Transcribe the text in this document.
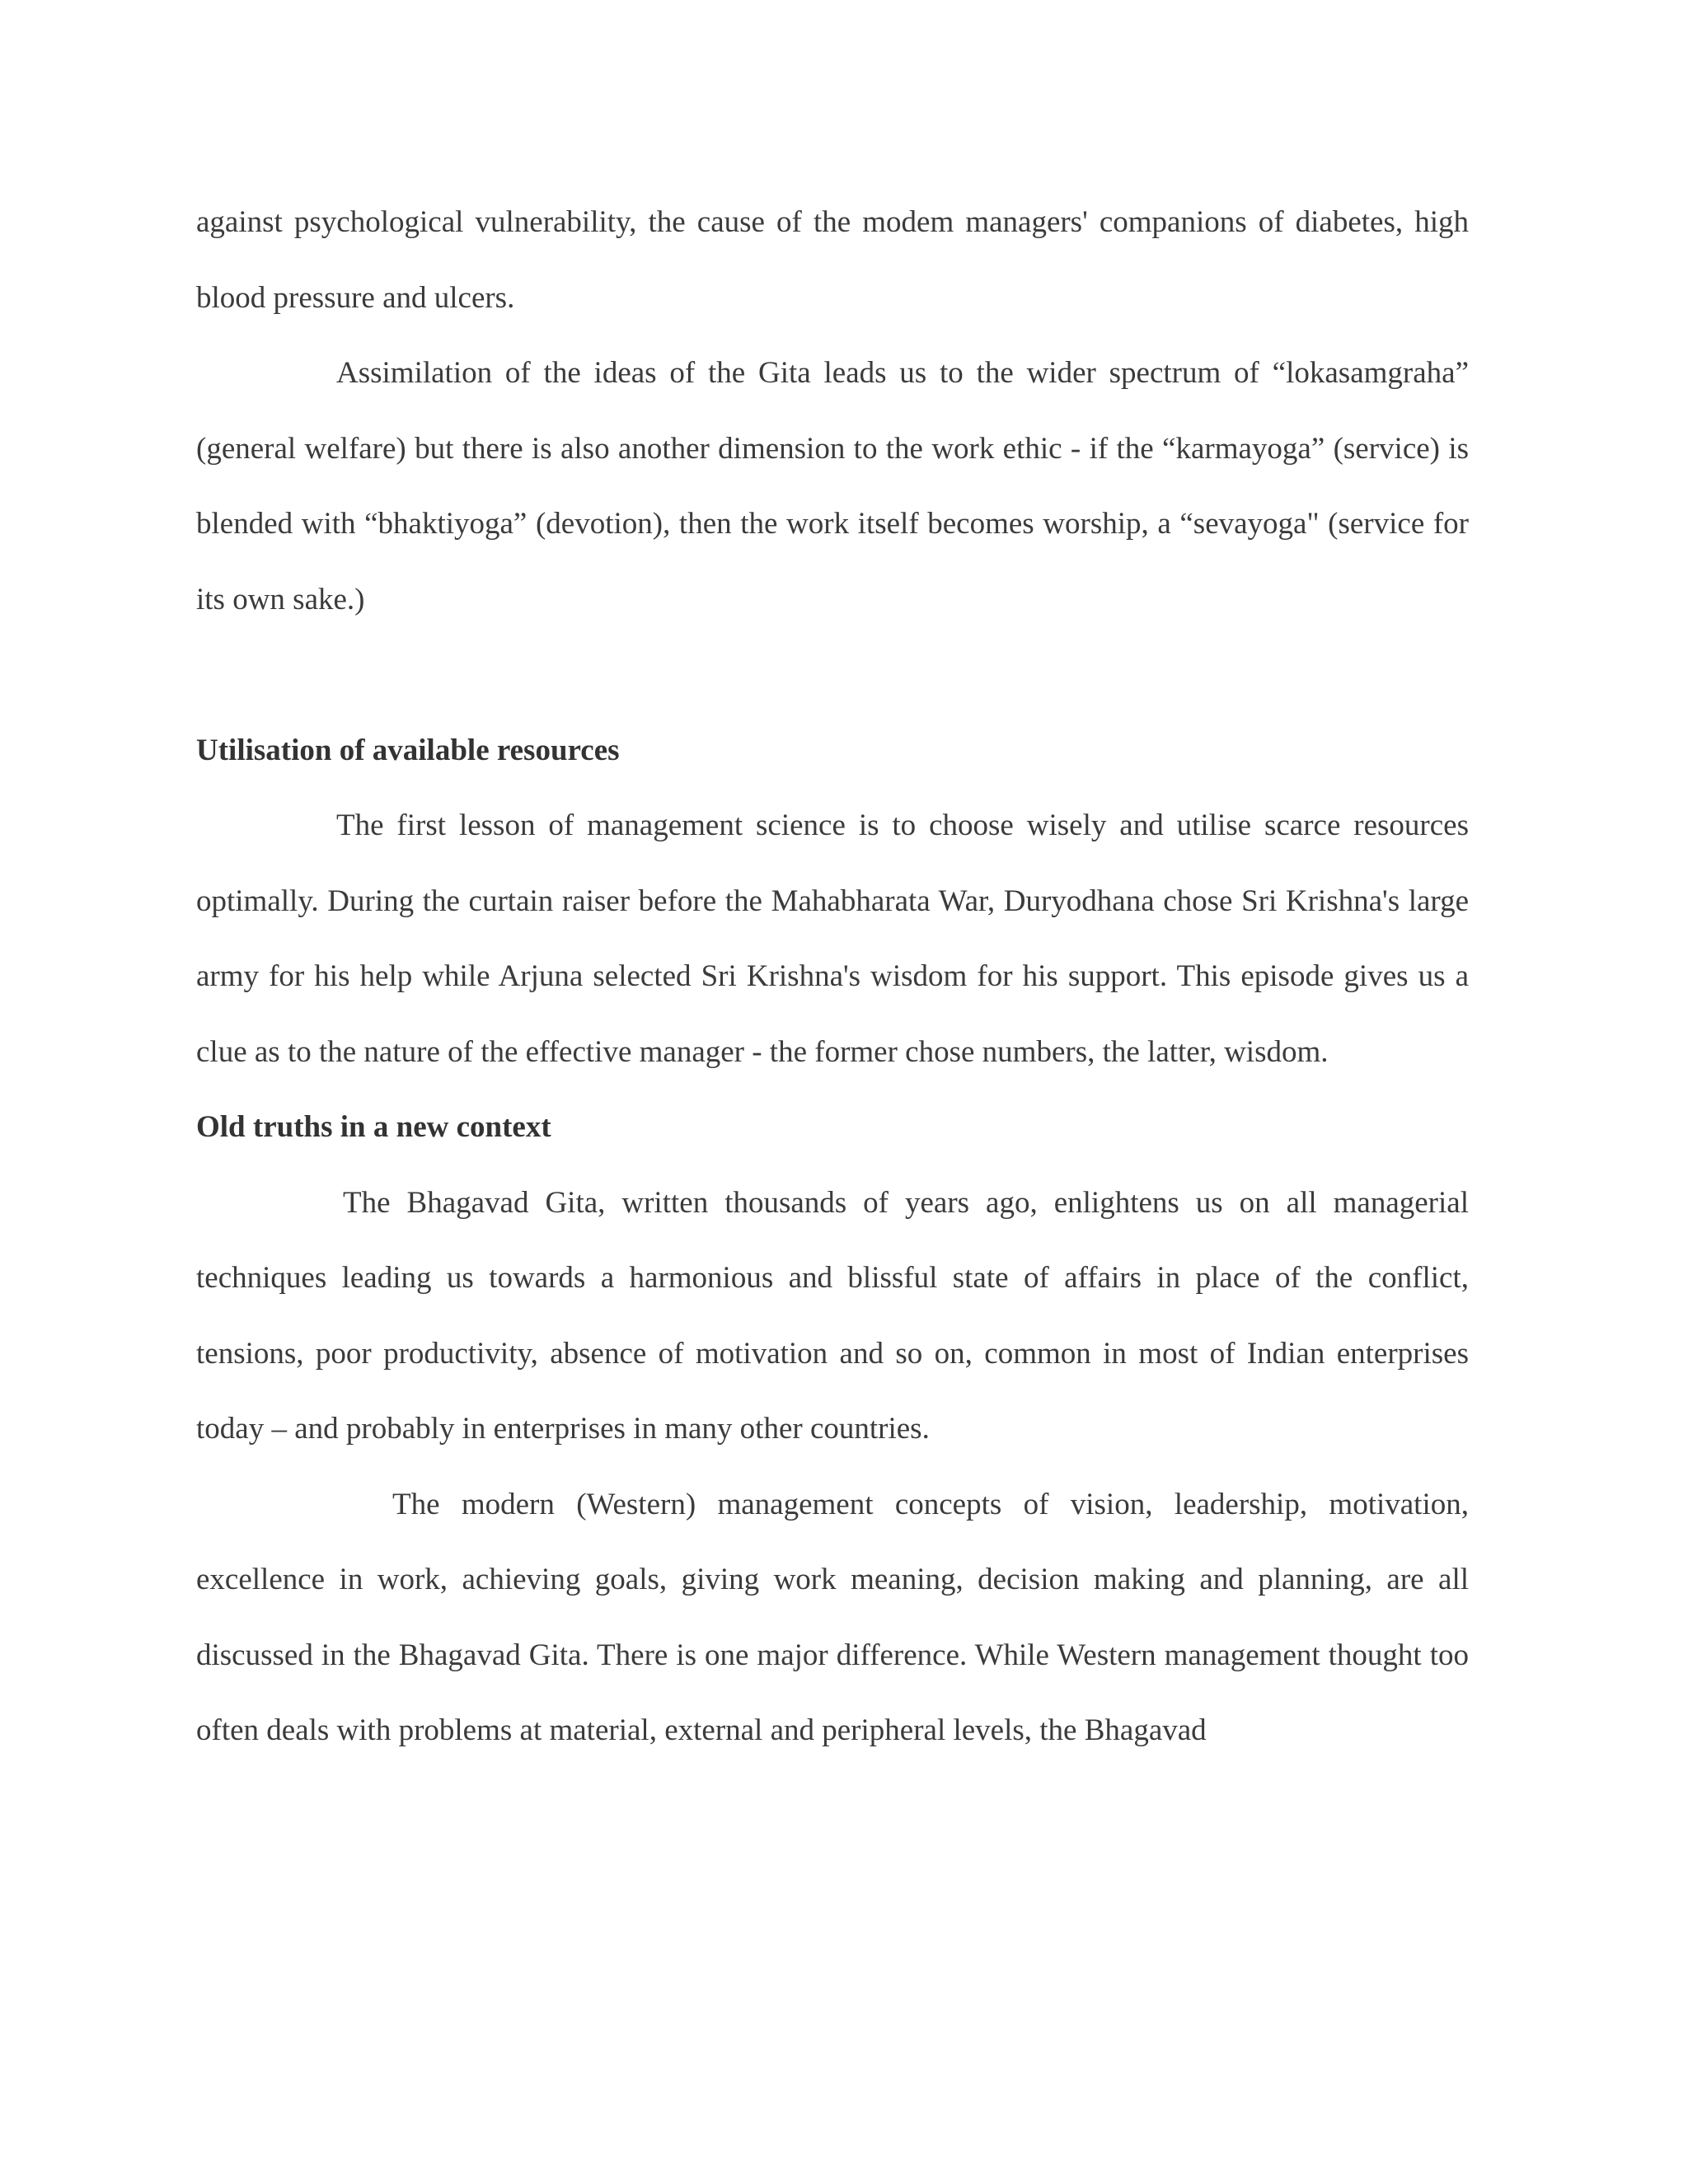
against psychological vulnerability, the cause of the modem managers' companions of diabetes, high blood pressure and ulcers.

Assimilation of the ideas of the Gita leads us to the wider spectrum of “lokasamgraha” (general welfare) but there is also another dimension to the work ethic - if the “karmayoga” (service) is blended with “bhaktiyoga” (devotion), then the work itself becomes worship, a “sevayoga" (service for its own sake.)

Utilisation of available resources

The first lesson of management science is to choose wisely and utilise scarce resources optimally. During the curtain raiser before the Mahabharata War, Duryodhana chose Sri Krishna's large army for his help while Arjuna selected Sri Krishna's wisdom for his support. This episode gives us a clue as to the nature of the effective manager - the former chose numbers, the latter, wisdom.

Old truths in a new context

The Bhagavad Gita, written thousands of years ago, enlightens us on all managerial techniques leading us towards a harmonious and blissful state of affairs in place of the conflict, tensions, poor productivity, absence of motivation and so on, common in most of Indian enterprises today – and probably in enterprises in many other countries.

The modern (Western) management concepts of vision, leadership, motivation, excellence in work, achieving goals, giving work meaning, decision making and planning, are all discussed in the Bhagavad Gita. There is one major difference. While Western management thought too often deals with problems at material, external and peripheral levels, the Bhagavad
